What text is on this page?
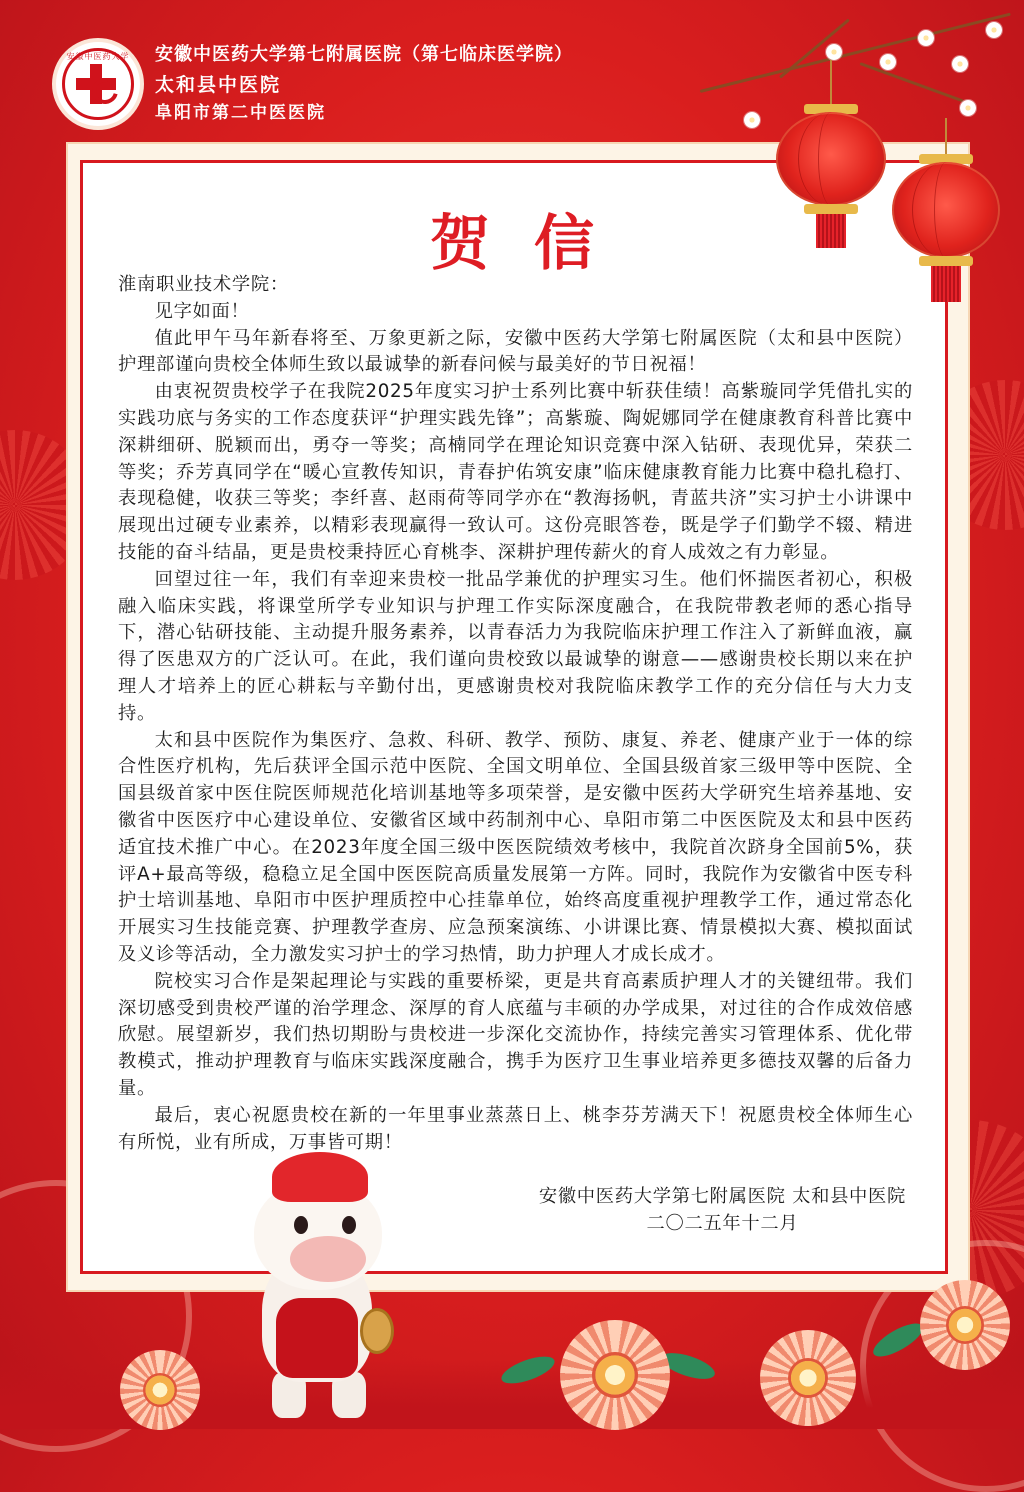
安徽中医药大学	安徽中医药大学第七附属医院（第七临床医学院）
太和县中医院
阜阳市第二中医医院
贺信

淮南职业技术学院：

见字如面！

值此甲午马年新春将至、万象更新之际，安徽中医药大学第七附属医院（太和县中医院）护理部谨向贵校全体师生致以最诚挚的新春问候与最美好的节日祝福！

由衷祝贺贵校学子在我院2025年度实习护士系列比赛中斩获佳绩！高紫璇同学凭借扎实的实践功底与务实的工作态度获评“护理实践先锋”；高紫璇、陶妮娜同学在健康教育科普比赛中深耕细研、脱颖而出，勇夺一等奖；高楠同学在理论知识竞赛中深入钻研、表现优异，荣获二等奖；乔芳真同学在“暖心宣教传知识，青春护佑筑安康”临床健康教育能力比赛中稳扎稳打、表现稳健，收获三等奖；李纤喜、赵雨荷等同学亦在“教海扬帆，青蓝共济”实习护士小讲课中展现出过硬专业素养，以精彩表现赢得一致认可。这份亮眼答卷，既是学子们勤学不辍、精进技能的奋斗结晶，更是贵校秉持匠心育桃李、深耕护理传薪火的育人成效之有力彰显。

回望过往一年，我们有幸迎来贵校一批品学兼优的护理实习生。他们怀揣医者初心，积极融入临床实践，将课堂所学专业知识与护理工作实际深度融合，在我院带教老师的悉心指导下，潜心钻研技能、主动提升服务素养，以青春活力为我院临床护理工作注入了新鲜血液，赢得了医患双方的广泛认可。在此，我们谨向贵校致以最诚挚的谢意——感谢贵校长期以来在护理人才培养上的匠心耕耘与辛勤付出，更感谢贵校对我院临床教学工作的充分信任与大力支持。

太和县中医院作为集医疗、急救、科研、教学、预防、康复、养老、健康产业于一体的综合性医疗机构，先后获评全国示范中医院、全国文明单位、全国县级首家三级甲等中医院、全国县级首家中医住院医师规范化培训基地等多项荣誉，是安徽中医药大学研究生培养基地、安徽省中医医疗中心建设单位、安徽省区域中药制剂中心、阜阳市第二中医医院及太和县中医药适宜技术推广中心。在2023年度全国三级中医医院绩效考核中，我院首次跻身全国前5%，获评A+最高等级，稳稳立足全国中医医院高质量发展第一方阵。同时，我院作为安徽省中医专科护士培训基地、阜阳市中医护理质控中心挂靠单位，始终高度重视护理教学工作，通过常态化开展实习生技能竞赛、护理教学查房、应急预案演练、小讲课比赛、情景模拟大赛、模拟面试及义诊等活动，全力激发实习护士的学习热情，助力护理人才成长成才。

院校实习合作是架起理论与实践的重要桥梁，更是共育高素质护理人才的关键纽带。我们深切感受到贵校严谨的治学理念、深厚的育人底蕴与丰硕的办学成果，对过往的合作成效倍感欣慰。展望新岁，我们热切期盼与贵校进一步深化交流协作，持续完善实习管理体系、优化带教模式，推动护理教育与临床实践深度融合，携手为医疗卫生事业培养更多德技双馨的后备力量。

最后，衷心祝愿贵校在新的一年里事业蒸蒸日上、桃李芬芳满天下！祝愿贵校全体师生心有所悦，业有所成，万事皆可期！

安徽中医药大学第七附属医院 太和县中医院
二〇二五年十二月
